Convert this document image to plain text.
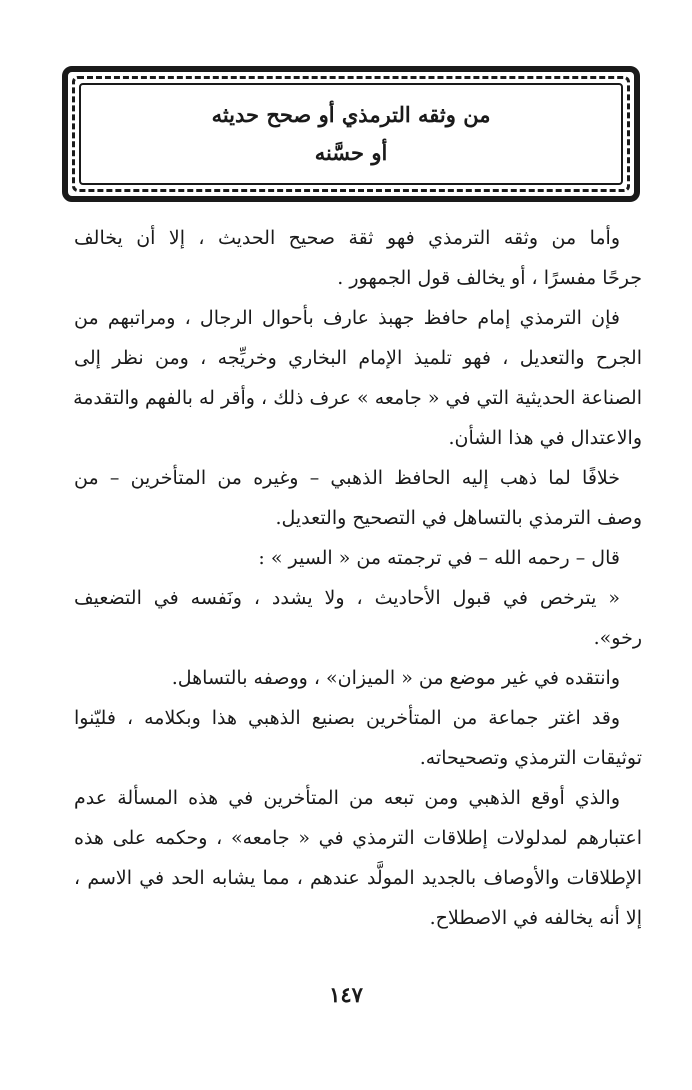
من وثقه الترمذي أو صحح حديثه
أو حسَّنه

وأما من وثقه الترمذي فهو ثقة صحيح الحديث ، إلا أن يخالف

جرحًا مفسرًا ، أو يخالف قول الجمهور .

فإن الترمذي إمام حافظ جهبذ عارف بأحوال الرجال ، ومراتبهم من

الجرح والتعديل ، فهو تلميذ الإمام البخاري وخريِّجه ، ومن نظر إلى

الصناعة الحديثية التي في « جامعه » عرف ذلك ، وأقر له بالفهم والتقدمة

والاعتدال في هذا الشأن.

خلافًا لما ذهب إليه الحافظ الذهبي – وغيره من المتأخرين – من

وصف الترمذي بالتساهل في التصحيح والتعديل.

قال – رحمه الله – في ترجمته من « السير » :

« يترخص في قبول الأحاديث ، ولا يشدد ، ونَفسه في التضعيف

رخو».

وانتقده في غير موضع من « الميزان» ، ووصفه بالتساهل.

وقد اغتر جماعة من المتأخرين بصنيع الذهبي هذا وبكلامه ، فليّنوا

توثيقات الترمذي وتصحيحاته.

والذي أوقع الذهبي ومن تبعه من المتأخرين في هذه المسألة عدم

اعتبارهم لمدلولات إطلاقات الترمذي في « جامعه» ، وحكمه على هذه

الإطلاقات والأوصاف بالجديد المولَّد عندهم ، مما يشابه الحد في الاسم ،

إلا أنه يخالفه في الاصطلاح.

١٤٧
